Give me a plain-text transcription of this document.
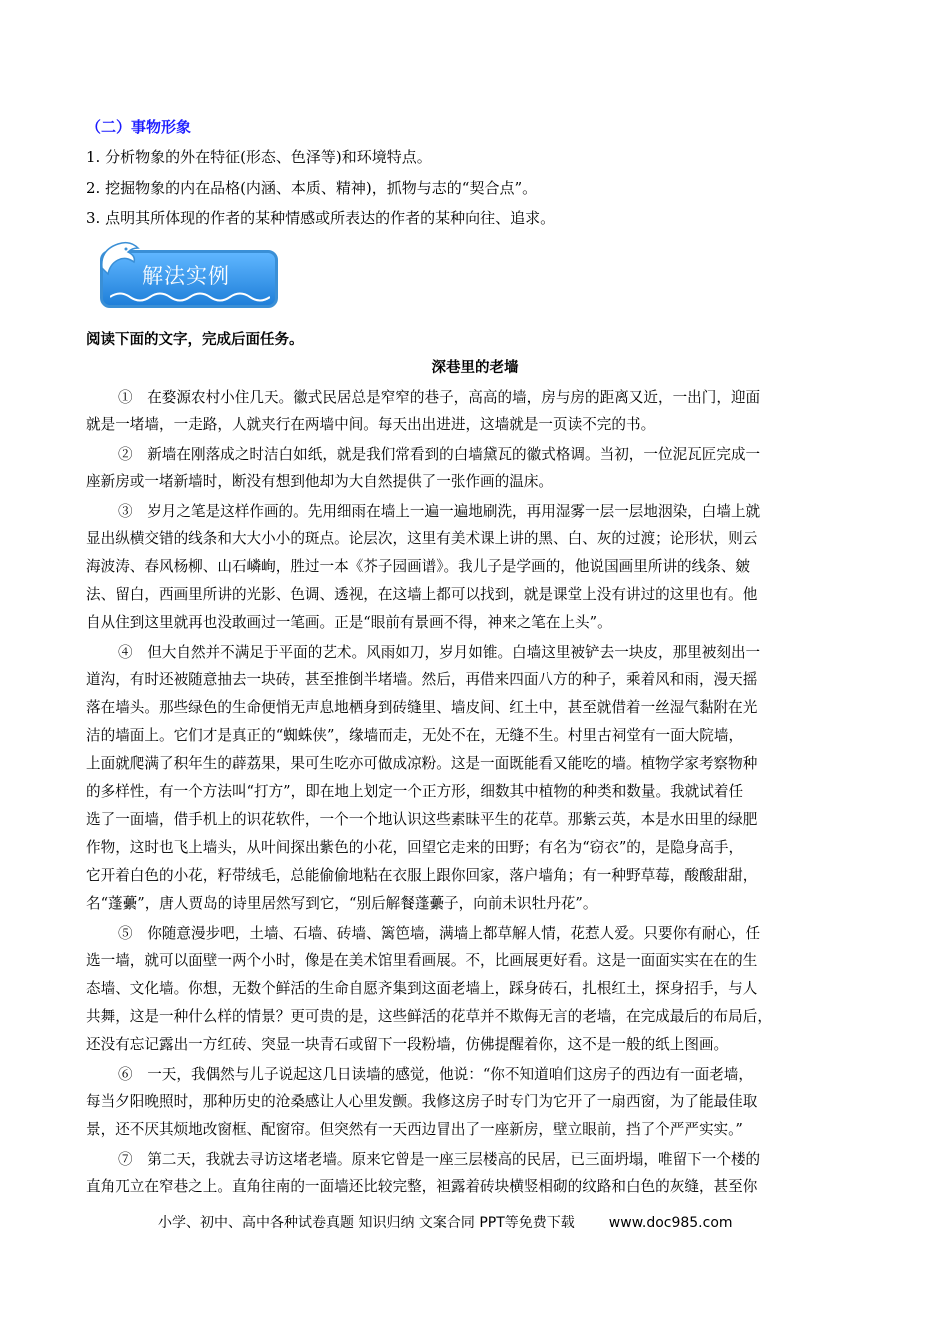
（二）事物形象
1. 分析物象的外在特征(形态、色泽等)和环境特点。
2. 挖掘物象的内在品格(内涵、本质、精神)，抓物与志的“契合点”。
3. 点明其所体现的作者的某种情感或所表达的作者的某种向往、追求。
解法实例
阅读下面的文字，完成后面任务。
深巷里的老墙
①　在婺源农村小住几天。徽式民居总是窄窄的巷子，高高的墙，房与房的距离又近，一出门，迎面
就是一堵墙，一走路，人就夹行在两墙中间。每天出出进进，这墙就是一页读不完的书。
②　新墙在刚落成之时洁白如纸，就是我们常看到的白墙黛瓦的徽式格调。当初，一位泥瓦匠完成一
座新房或一堵新墙时，断没有想到他却为大自然提供了一张作画的温床。
③　岁月之笔是这样作画的。先用细雨在墙上一遍一遍地刷洗，再用湿雾一层一层地洇染，白墙上就
显出纵横交错的线条和大大小小的斑点。论层次，这里有美术课上讲的黑、白、灰的过渡；论形状，则云
海波涛、春风杨柳、山石嶙峋，胜过一本《芥子园画谱》。我儿子是学画的，他说国画里所讲的线条、皴
法、留白，西画里所讲的光影、色调、透视，在这墙上都可以找到，就是课堂上没有讲过的这里也有。他
自从住到这里就再也没敢画过一笔画。正是“眼前有景画不得，神来之笔在上头”。
④　但大自然并不满足于平面的艺术。风雨如刀，岁月如锥。白墙这里被铲去一块皮，那里被刻出一
道沟，有时还被随意抽去一块砖，甚至推倒半堵墙。然后，再借来四面八方的种子，乘着风和雨，漫天摇
落在墙头。那些绿色的生命便悄无声息地栖身到砖缝里、墙皮间、红土中，甚至就借着一丝湿气黏附在光
洁的墙面上。它们才是真正的“蜘蛛侠”，缘墙而走，无处不在，无缝不生。村里古祠堂有一面大院墙，
上面就爬满了积年生的薜荔果，果可生吃亦可做成凉粉。这是一面既能看又能吃的墙。植物学家考察物种
的多样性，有一个方法叫“打方”，即在地上划定一个正方形，细数其中植物的种类和数量。我就试着任
选了一面墙，借手机上的识花软件，一个一个地认识这些素昧平生的花草。那紫云英，本是水田里的绿肥
作物，这时也飞上墙头，从叶间探出紫色的小花，回望它走来的田野；有名为“窃衣”的，是隐身高手，
它开着白色的小花，籽带绒毛，总能偷偷地粘在衣服上跟你回家，落户墙角；有一种野草莓，酸酸甜甜，
名“蓬虆”，唐人贾岛的诗里居然写到它，“别后解餐蓬虆子，向前未识牡丹花”。
⑤　你随意漫步吧，土墙、石墙、砖墙、篱笆墙，满墙上都草解人情，花惹人爱。只要你有耐心，任
选一墙，就可以面壁一两个小时，像是在美术馆里看画展。不，比画展更好看。这是一面面实实在在的生
态墙、文化墙。你想，无数个鲜活的生命自愿齐集到这面老墙上，踩身砖石，扎根红土，探身招手，与人
共舞，这是一种什么样的情景？更可贵的是，这些鲜活的花草并不欺侮无言的老墙，在完成最后的布局后，
还没有忘记露出一方红砖、突显一块青石或留下一段粉墙，仿佛提醒着你，这不是一般的纸上图画。
⑥　一天，我偶然与儿子说起这几日读墙的感觉，他说：“你不知道咱们这房子的西边有一面老墙，
每当夕阳晚照时，那种历史的沧桑感让人心里发颤。我修这房子时专门为它开了一扇西窗，为了能最佳取
景，还不厌其烦地改窗框、配窗帘。但突然有一天西边冒出了一座新房，壁立眼前，挡了个严严实实。”
⑦　第二天，我就去寻访这堵老墙。原来它曾是一座三层楼高的民居，已三面坍塌，唯留下一个楼的
直角兀立在窄巷之上。直角往南的一面墙还比较完整，袒露着砖块横竖相砌的纹路和白色的灰缝，甚至你
小学、初中、高中各种试卷真题 知识归纳 文案合同 PPT等免费下载 www.doc985.com
